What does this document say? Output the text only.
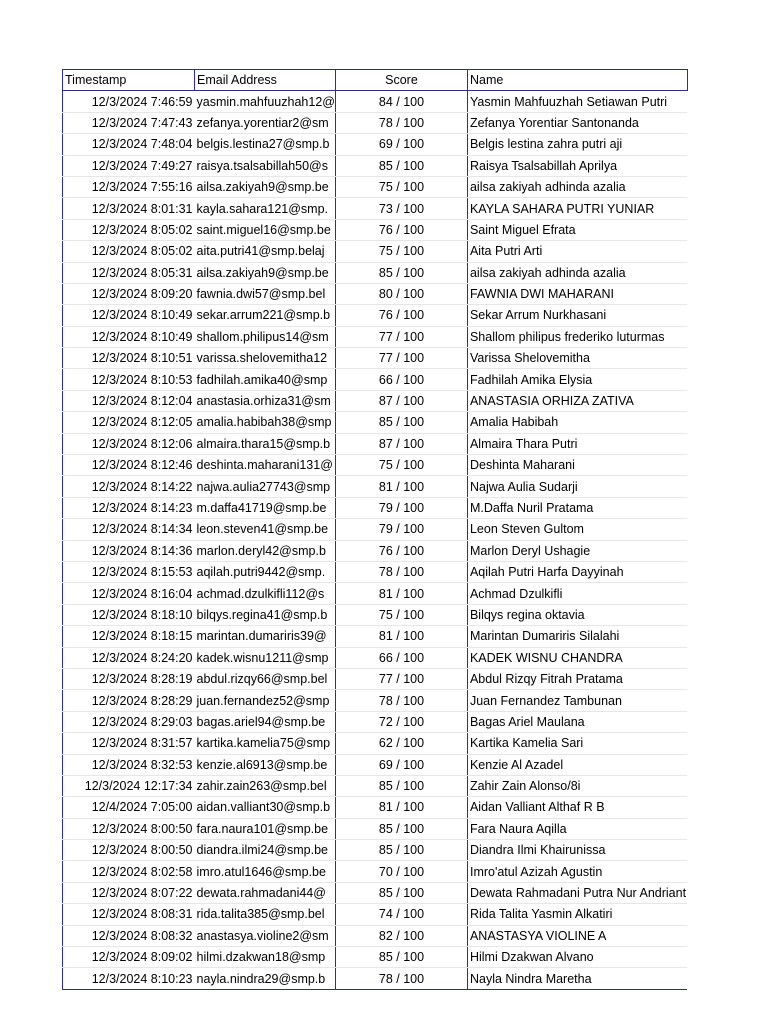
Timestamp	Email Address	Score	Name
12/3/2024 7:46:59	yasmin.mahfuuzhah12@	84 / 100	Yasmin Mahfuuzhah Setiawan Putri
12/3/2024 7:47:43	zefanya.yorentiar2@sm	78 / 100	Zefanya Yorentiar Santonanda
12/3/2024 7:48:04	belgis.lestina27@smp.b	69 / 100	Belgis lestina zahra putri aji
12/3/2024 7:49:27	raisya.tsalsabillah50@s	85 / 100	Raisya Tsalsabillah Aprilya
12/3/2024 7:55:16	ailsa.zakiyah9@smp.be	75 / 100	ailsa zakiyah adhinda azalia
12/3/2024 8:01:31	kayla.sahara121@smp.	73 / 100	KAYLA SAHARA PUTRI YUNIAR
12/3/2024 8:05:02	saint.miguel16@smp.be	76 / 100	Saint Miguel Efrata
12/3/2024 8:05:02	aita.putri41@smp.belaj	75 / 100	Aita Putri Arti
12/3/2024 8:05:31	ailsa.zakiyah9@smp.be	85 / 100	ailsa zakiyah adhinda azalia
12/3/2024 8:09:20	fawnia.dwi57@smp.bel	80 / 100	FAWNIA DWI MAHARANI
12/3/2024 8:10:49	sekar.arrum221@smp.b	76 / 100	Sekar Arrum Nurkhasani
12/3/2024 8:10:49	shallom.philipus14@sm	77 / 100	Shallom philipus frederiko luturmas
12/3/2024 8:10:51	varissa.shelovemitha12	77 / 100	Varissa Shelovemitha
12/3/2024 8:10:53	fadhilah.amika40@smp	66 / 100	Fadhilah Amika Elysia
12/3/2024 8:12:04	anastasia.orhiza31@sm	87 / 100	ANASTASIA ORHIZA ZATIVA
12/3/2024 8:12:05	amalia.habibah38@smp	85 / 100	Amalia Habibah
12/3/2024 8:12:06	almaira.thara15@smp.b	87 / 100	Almaira Thara Putri
12/3/2024 8:12:46	deshinta.maharani131@	75 / 100	Deshinta Maharani
12/3/2024 8:14:22	najwa.aulia27743@smp	81 / 100	Najwa Aulia Sudarji
12/3/2024 8:14:23	m.daffa41719@smp.be	79 / 100	M.Daffa Nuril Pratama
12/3/2024 8:14:34	leon.steven41@smp.be	79 / 100	Leon Steven Gultom
12/3/2024 8:14:36	marlon.deryl42@smp.b	76 / 100	Marlon Deryl Ushagie
12/3/2024 8:15:53	aqilah.putri9442@smp.	78 / 100	Aqilah Putri Harfa Dayyinah
12/3/2024 8:16:04	achmad.dzulkifli112@s	81 / 100	Achmad Dzulkifli
12/3/2024 8:18:10	bilqys.regina41@smp.b	75 / 100	Bilqys regina oktavia
12/3/2024 8:18:15	marintan.dumariris39@	81 / 100	Marintan Dumariris Silalahi
12/3/2024 8:24:20	kadek.wisnu1211@smp	66 / 100	KADEK WISNU CHANDRA
12/3/2024 8:28:19	abdul.rizqy66@smp.bel	77 / 100	Abdul Rizqy Fitrah Pratama
12/3/2024 8:28:29	juan.fernandez52@smp	78 / 100	Juan Fernandez Tambunan
12/3/2024 8:29:03	bagas.ariel94@smp.be	72 / 100	Bagas Ariel Maulana
12/3/2024 8:31:57	kartika.kamelia75@smp	62 / 100	Kartika Kamelia Sari
12/3/2024 8:32:53	kenzie.al6913@smp.be	69 / 100	Kenzie Al Azadel
12/3/2024 12:17:34	zahir.zain263@smp.bel	85 / 100	Zahir Zain Alonso/8i
12/4/2024 7:05:00	aidan.valliant30@smp.b	81 / 100	Aidan Valliant Althaf R B
12/3/2024 8:00:50	fara.naura101@smp.be	85 / 100	Fara Naura Aqilla
12/3/2024 8:00:50	diandra.ilmi24@smp.be	85 / 100	Diandra Ilmi Khairunissa
12/3/2024 8:02:58	imro.atul1646@smp.be	70 / 100	Imro'atul Azizah Agustin
12/3/2024 8:07:22	dewata.rahmadani44@	85 / 100	Dewata Rahmadani Putra Nur Andriant
12/3/2024 8:08:31	rida.talita385@smp.bel	74 / 100	Rida Talita Yasmin Alkatiri
12/3/2024 8:08:32	anastasya.violine2@sm	82 / 100	ANASTASYA VIOLINE A
12/3/2024 8:09:02	hilmi.dzakwan18@smp	85 / 100	Hilmi Dzakwan Alvano
12/3/2024 8:10:23	nayla.nindra29@smp.b	78 / 100	Nayla Nindra Maretha
